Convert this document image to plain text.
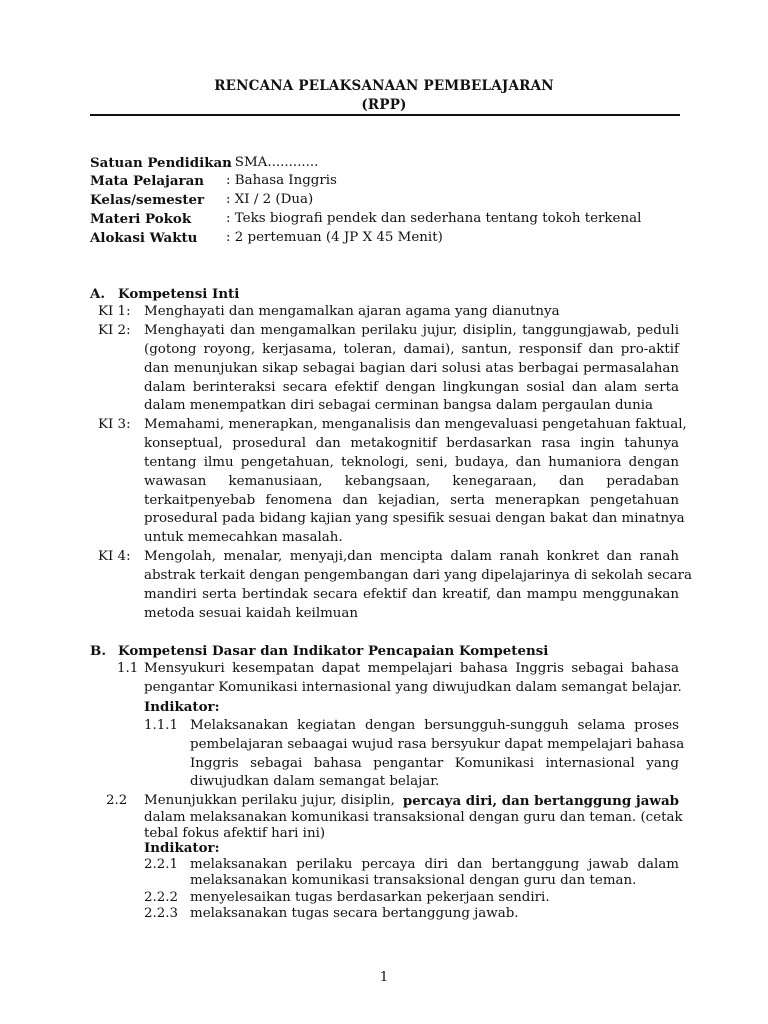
RENCANA PELAKSANAAN PEMBELAJARAN
(RPP)
Satuan Pendidikan
: SMA............
Mata Pelajaran : Bahasa Inggris
Kelas/semester : XI / 2 (Dua)
Materi Pokok	: Teks biografi pendek dan sederhana tentang tokoh terkenal
Alokasi Waktu : 2 pertemuan (4 JP X 45 Menit)
A. Kompetensi Inti
KI 1: Menghayati dan mengamalkan ajaran agama yang dianutnya
KI 2: Menghayati dan mengamalkan perilaku jujur, disiplin, tanggungjawab, peduli
(gotong royong, kerjasama, toleran, damai), santun, responsif dan pro-aktif
dan menunjukan sikap sebagai bagian dari solusi atas berbagai permasalahan
dalam berinteraksi secara efektif dengan lingkungan sosial dan alam serta
dalam menempatkan diri sebagai cerminan bangsa dalam pergaulan dunia
KI 3: Memahami, menerapkan, menganalisis dan mengevaluasi pengetahuan faktual,
konseptual, prosedural dan metakognitif berdasarkan rasa ingin tahunya
tentang ilmu pengetahuan, teknologi, seni, budaya, dan humaniora dengan
wawasan kemanusiaan, kebangsaan, kenegaraan, dan peradaban
terkaitpenyebab fenomena dan kejadian, serta menerapkan pengetahuan
prosedural pada bidang kajian yang spesifik sesuai dengan bakat dan minatnya
untuk memecahkan masalah.
KI 4: Mengolah, menalar, menyaji,dan mencipta dalam ranah konkret dan ranah
abstrak terkait dengan pengembangan dari yang dipelajarinya di sekolah secara
mandiri serta bertindak secara efektif dan kreatif, dan mampu menggunakan
metoda sesuai kaidah keilmuan
B. Kompetensi Dasar dan Indikator Pencapaian Kompetensi
1.1 Mensyukuri kesempatan dapat mempelajari bahasa Inggris sebagai bahasa
pengantar Komunikasi internasional yang diwujudkan dalam semangat belajar.
Indikator:
1.1.1 Melaksanakan kegiatan dengan bersungguh-sungguh selama proses
pembelajaran sebaagai wujud rasa bersyukur dapat mempelajari bahasa
Inggris sebagai bahasa pengantar Komunikasi internasional yang
diwujudkan dalam semangat belajar.
2.2 Menunjukkan perilaku jujur, disiplin, percaya diri, dan bertanggung jawab
dalam melaksanakan komunikasi transaksional dengan guru dan teman. (cetak
tebal fokus afektif hari ini)
Indikator:
2.2.1 melaksanakan perilaku percaya diri dan bertanggung jawab dalam
melaksanakan komunikasi transaksional dengan guru dan teman.
2.2.2 menyelesaikan tugas berdasarkan pekerjaan sendiri.
2.2.3 melaksanakan tugas secara bertanggung jawab.
1
